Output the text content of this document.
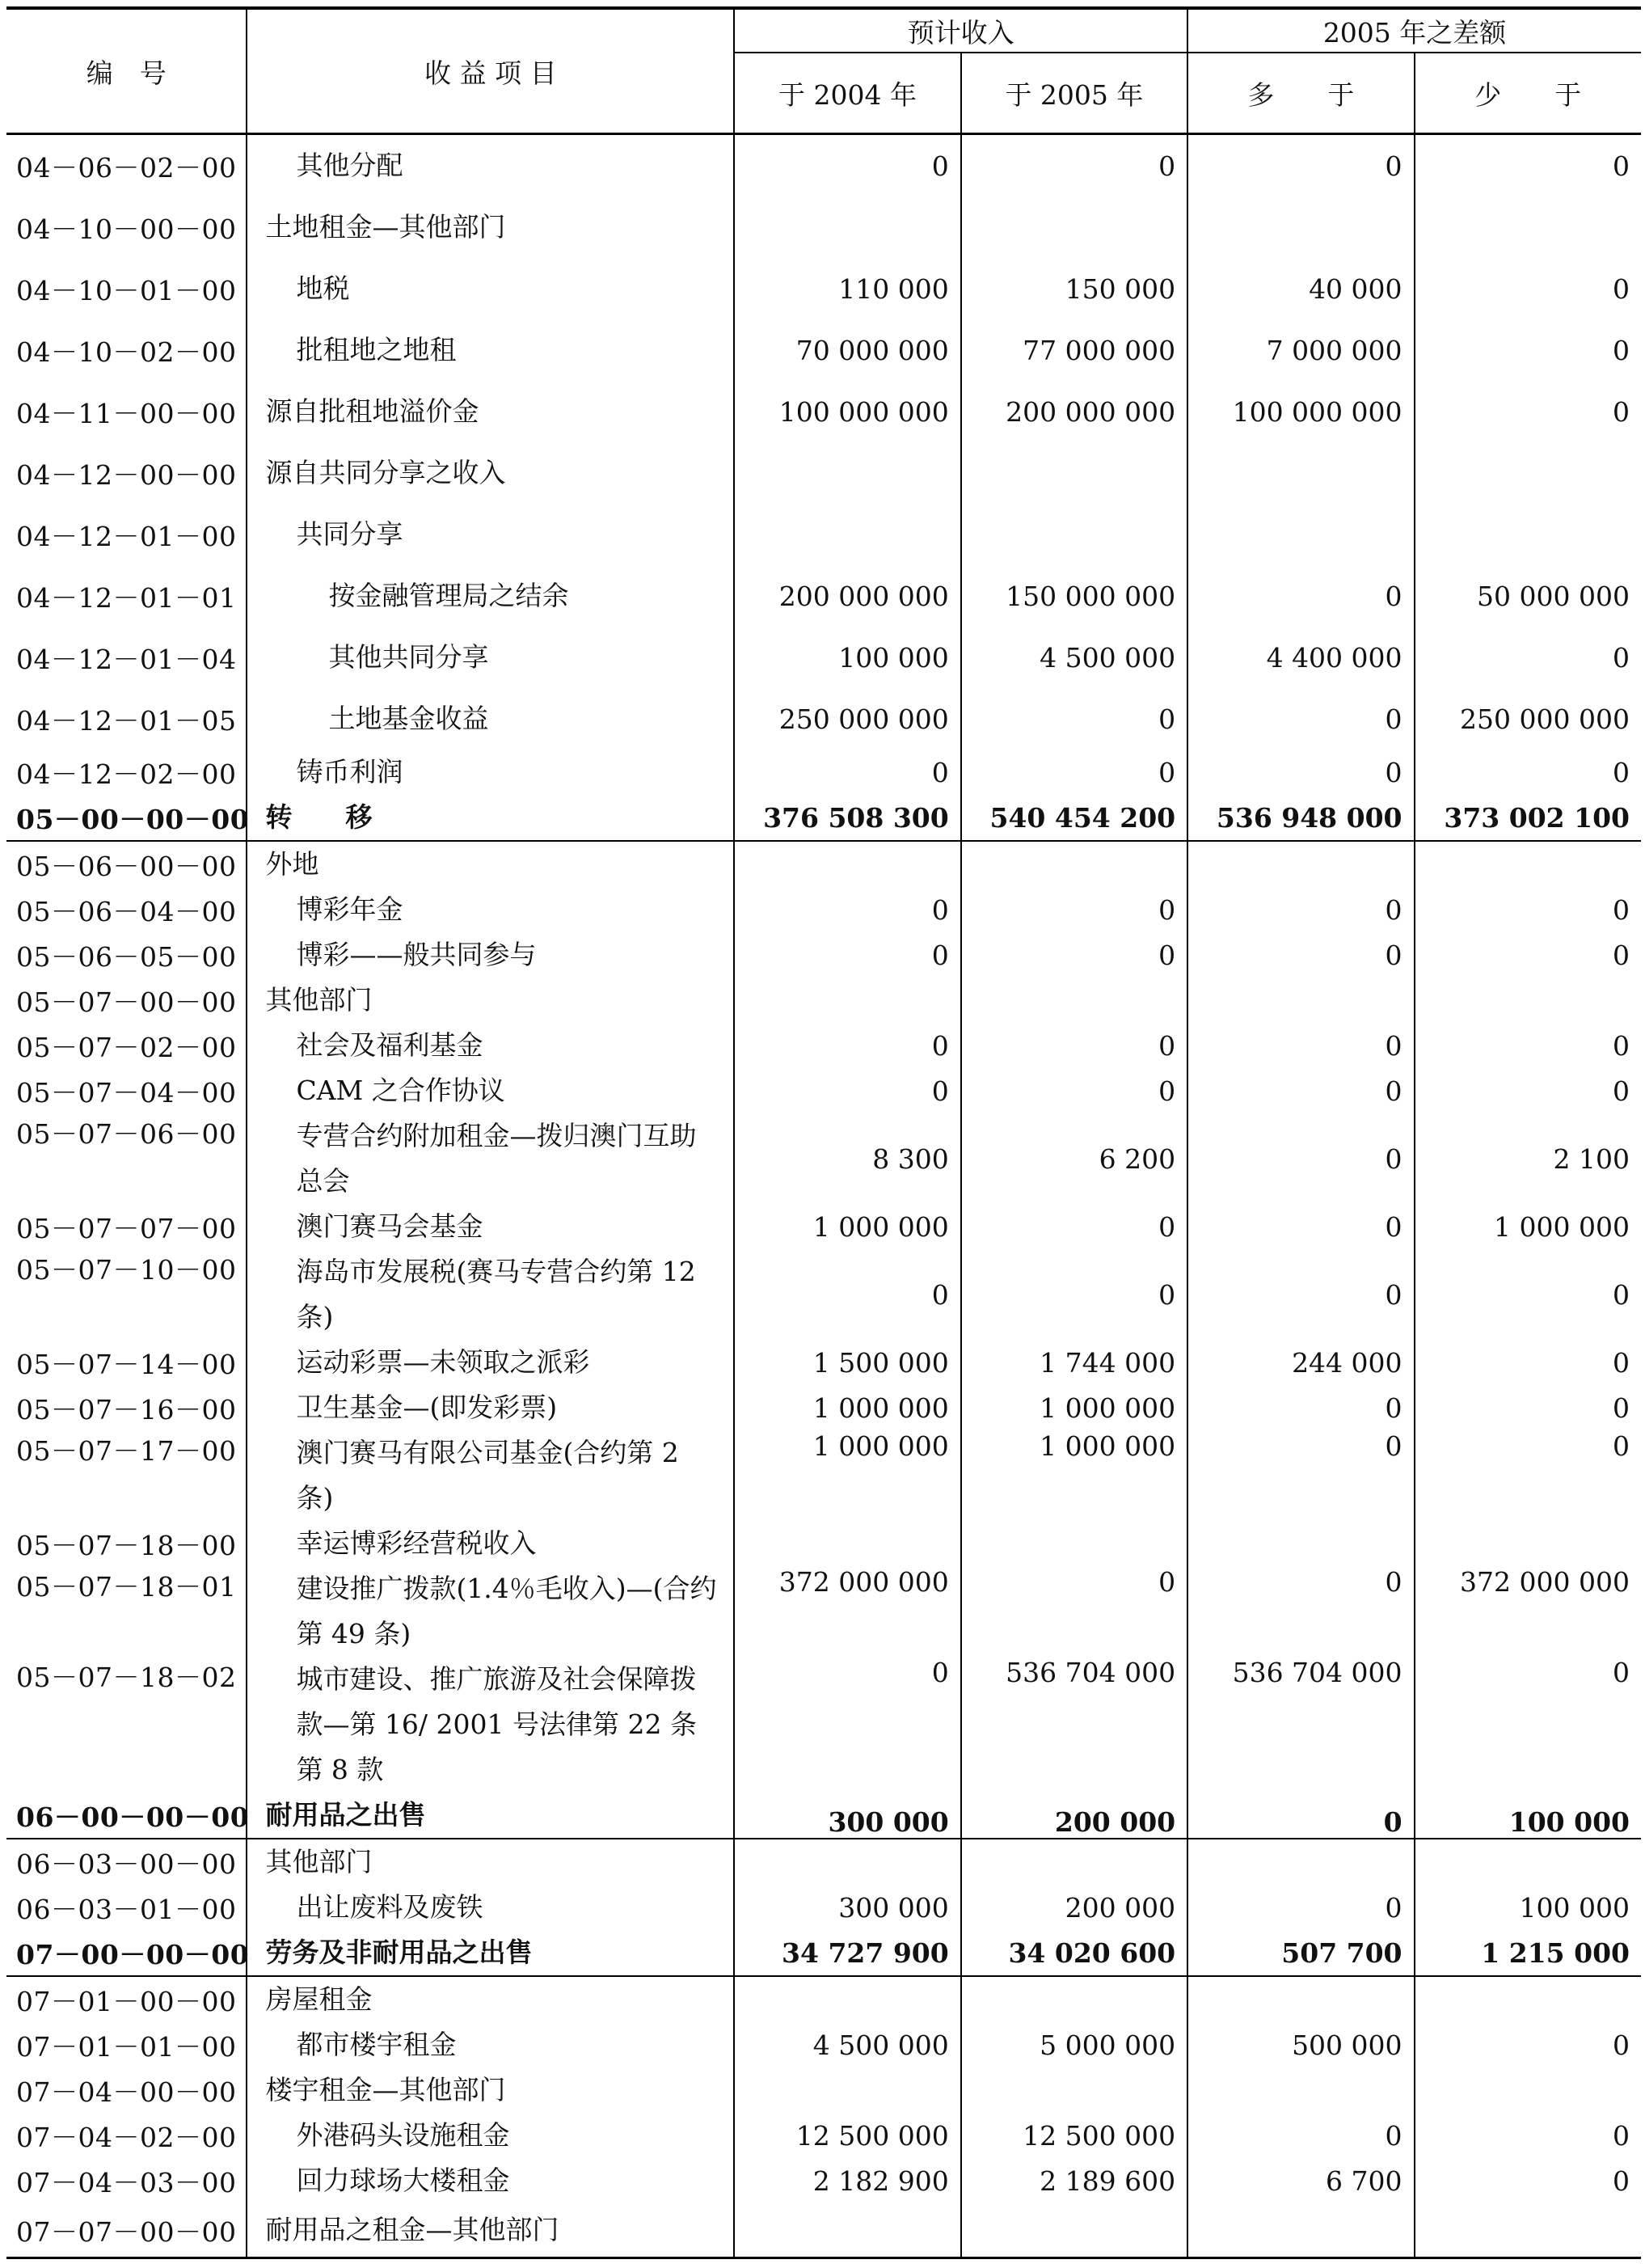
编　号	收 益 项 目	预计收入		2005 年之差额	
		于 2004 年	于 2005 年	多　　于	少　　于
04－06－02－00	其他分配	0	0	0	0
04－10－00－00	土地租金—其他部门				
04－10－01－00	地税	110 000	150 000	40 000	0
04－10－02－00	批租地之地租	70 000 000	77 000 000	7 000 000	0
04－11－00－00	源自批租地溢价金	100 000 000	200 000 000	100 000 000	0
04－12－00－00	源自共同分享之收入				
04－12－01－00	共同分享				
04－12－01－01	按金融管理局之结余	200 000 000	150 000 000	0	50 000 000
04－12－01－04	其他共同分享	100 000	4 500 000	4 400 000	0
04－12－01－05	土地基金收益	250 000 000	0	0	250 000 000
04－12－02－00	铸币利润	0	0	0	0
05－00－00－00	转　　移	376 508 300	540 454 200	536 948 000	373 002 100
05－06－00－00	外地				
05－06－04－00	博彩年金	0	0	0	0
05－06－05－00	博彩——般共同参与	0	0	0	0
05－07－00－00	其他部门				
05－07－02－00	社会及福利基金	0	0	0	0
05－07－04－00	CAM 之合作协议	0	0	0	0
05－07－06－00	专营合约附加租金—拨归澳门互助总会	8 300	6 200	0	2 100
05－07－07－00	澳门赛马会基金	1 000 000	0	0	1 000 000
05－07－10－00	海岛市发展税(赛马专营合约第 12 条)	0	0	0	0
05－07－14－00	运动彩票—未领取之派彩	1 500 000	1 744 000	244 000	0
05－07－16－00	卫生基金—(即发彩票)	1 000 000	1 000 000	0	0
05－07－17－00	澳门赛马有限公司基金(合约第 2 条)	1 000 000	1 000 000	0	0
05－07－18－00	幸运博彩经营税收入				
05－07－18－01	建设推广拨款(1.4％毛收入)—(合约第 49 条)	372 000 000	0	0	372 000 000
05－07－18－02	城市建设、推广旅游及社会保障拨款—第 16/ 2001 号法律第 22 条第 8 款	0	536 704 000	536 704 000	0
06－00－00－00	耐用品之出售	300 000	200 000	0	100 000
06－03－00－00	其他部门				
06－03－01－00	出让废料及废铁	300 000	200 000	0	100 000
07－00－00－00	劳务及非耐用品之出售	34 727 900	34 020 600	507 700	1 215 000
07－01－00－00	房屋租金				
07－01－01－00	都市楼宇租金	4 500 000	5 000 000	500 000	0
07－04－00－00	楼宇租金—其他部门				
07－04－02－00	外港码头设施租金	12 500 000	12 500 000	0	0
07－04－03－00	回力球场大楼租金	2 182 900	2 189 600	6 700	0
07－07－00－00	耐用品之租金—其他部门				
